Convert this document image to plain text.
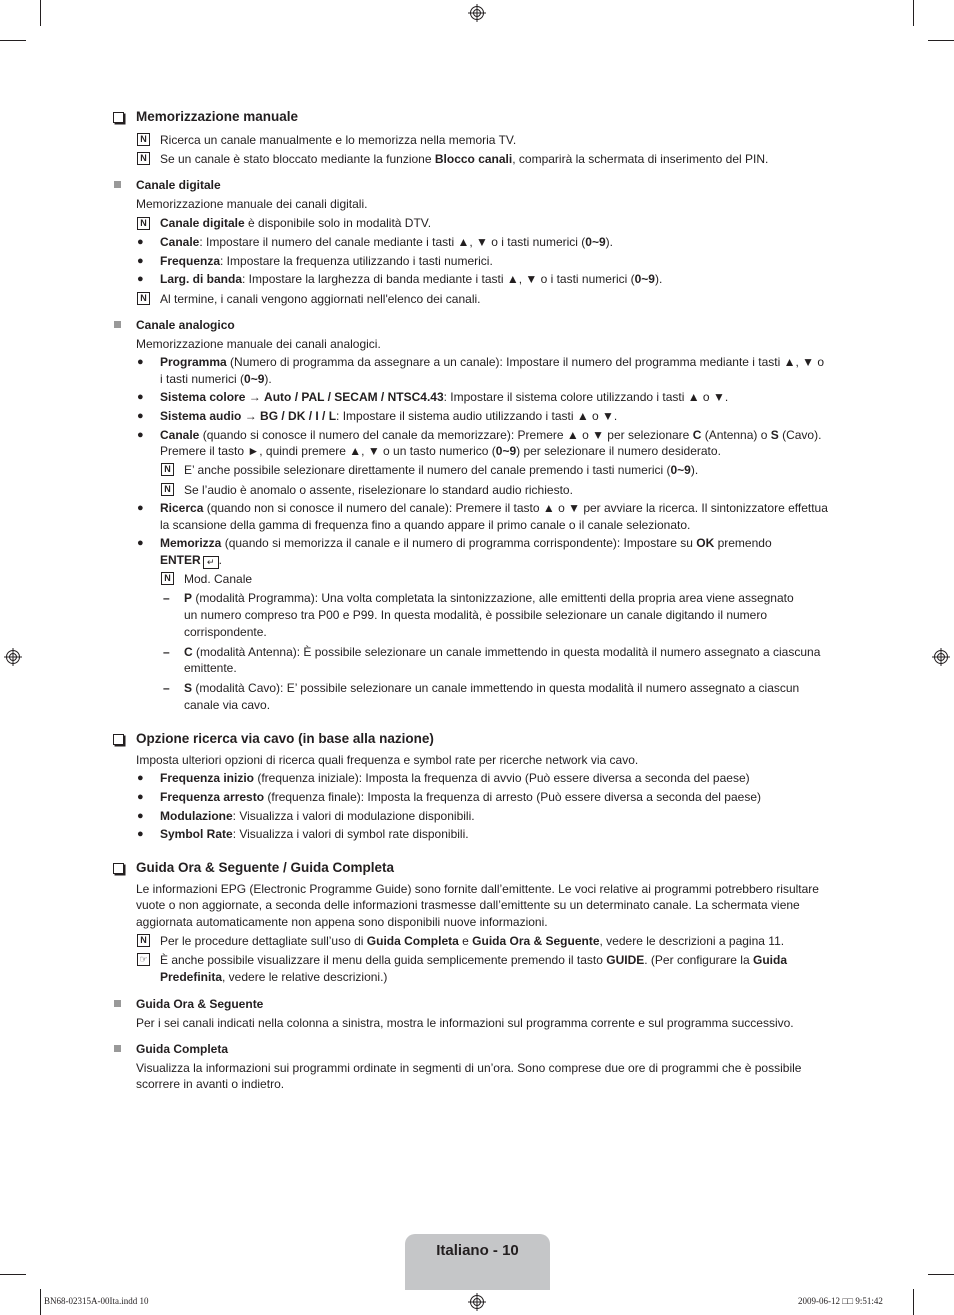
Memorizzazione manuale
N Ricerca un canale manualmente e lo memorizza nella memoria TV.
N Se un canale è stato bloccato mediante la funzione Blocco canali, comparirà la schermata di inserimento del PIN.
Canale digitale
Memorizzazione manuale dei canali digitali.
N Canale digitale è disponibile solo in modalità DTV.
● Canale: Impostare il numero del canale mediante i tasti ▲, ▼ o i tasti numerici (0~9).
● Frequenza: Impostare la frequenza utilizzando i tasti numerici.
● Larg. di banda: Impostare la larghezza di banda mediante i tasti ▲, ▼ o i tasti numerici (0~9).
N Al termine, i canali vengono aggiornati nell'elenco dei canali.
Canale analogico
Memorizzazione manuale dei canali analogici.
● Programma (Numero di programma da assegnare a un canale): Impostare il numero del programma mediante i tasti ▲, ▼ o
i tasti numerici (0~9).
● Sistema colore → Auto / PAL / SECAM / NTSC4.43: Impostare il sistema colore utilizzando i tasti ▲ o ▼.
● Sistema audio → BG / DK / I / L: Impostare il sistema audio utilizzando i tasti ▲ o ▼.
● Canale (quando si conosce il numero del canale da memorizzare): Premere ▲ o ▼ per selezionare C (Antenna) o S (Cavo).
Premere il tasto ►, quindi premere ▲, ▼ o un tasto numerico (0~9) per selezionare il numero desiderato.
N E’ anche possibile selezionare direttamente il numero del canale premendo i tasti numerici (0~9).
N Se l’audio è anomalo o assente, riselezionare lo standard audio richiesto.
● Ricerca (quando non si conosce il numero del canale): Premere il tasto ▲ o ▼ per avviare la ricerca. Il sintonizzatore effettua
la scansione della gamma di frequenza fino a quando appare il primo canale o il canale selezionato.
● Memorizza (quando si memorizza il canale e il numero di programma corrispondente): Impostare su OK premendo
ENTER ↵ .
N Mod. Canale
– P (modalità Programma): Una volta completata la sintonizzazione, alle emittenti della propria area viene assegnato
un numero compreso tra P00 e P99. In questa modalità, è possibile selezionare un canale digitando il numero
corrispondente.
– C (modalità Antenna): È possibile selezionare un canale immettendo in questa modalità il numero assegnato a ciascuna
emittente.
– S (modalità Cavo): E’ possibile selezionare un canale immettendo in questa modalità il numero assegnato a ciascun
canale via cavo.
Opzione ricerca via cavo (in base alla nazione)
Imposta ulteriori opzioni di ricerca quali frequenza e symbol rate per ricerche network via cavo.
● Frequenza inizio (frequenza iniziale): Imposta la frequenza di avvio (Può essere diversa a seconda del paese)
● Frequenza arresto (frequenza finale): Imposta la frequenza di arresto (Può essere diversa a seconda del paese)
● Modulazione: Visualizza i valori di modulazione disponibili.
● Symbol Rate: Visualizza i valori di symbol rate disponibili.
Guida Ora & Seguente / Guida Completa
Le informazioni EPG (Electronic Programme Guide) sono fornite dall’emittente. Le voci relative ai programmi potrebbero risultare
vuote o non aggiornate, a seconda delle informazioni trasmesse dall’emittente su un determinato canale. La schermata viene
aggiornata automaticamente non appena sono disponibili nuove informazioni.
N Per le procedure dettagliate sull’uso di Guida Completa e Guida Ora & Seguente, vedere le descrizioni a pagina 11.
☞ È anche possibile visualizzare il menu della guida semplicemente premendo il tasto GUIDE. (Per configurare la Guida
Predefinita, vedere le relative descrizioni.)
Guida Ora & Seguente
Per i sei canali indicati nella colonna a sinistra, mostra le informazioni sul programma corrente e sul programma successivo.
Guida Completa
Visualizza la informazioni sui programmi ordinate in segmenti di un’ora. Sono comprese due ore di programmi che è possibile
scorrere in avanti o indietro.
Italiano - 10
BN68-02315A-00Ita.indd 10	2009-06-12 □□ 9:51:42
